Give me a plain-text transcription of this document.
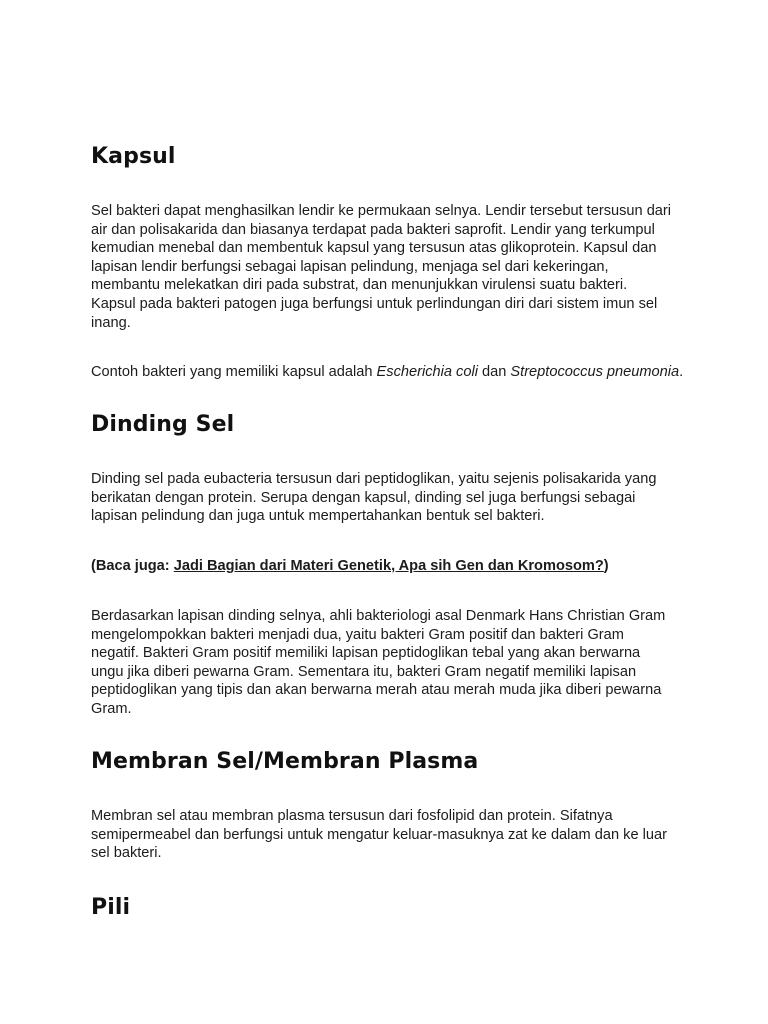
Kapsul

Sel bakteri dapat menghasilkan lendir ke permukaan selnya. Lendir tersebut tersusun dari
air dan polisakarida dan biasanya terdapat pada bakteri saprofit. Lendir yang terkumpul
kemudian menebal dan membentuk kapsul yang tersusun atas glikoprotein. Kapsul dan
lapisan lendir berfungsi sebagai lapisan pelindung, menjaga sel dari kekeringan,
membantu melekatkan diri pada substrat, dan menunjukkan virulensi suatu bakteri.
Kapsul pada bakteri patogen juga berfungsi untuk perlindungan diri dari sistem imun sel
inang.

Contoh bakteri yang memiliki kapsul adalah Escherichia coli dan Streptococcus pneumonia.

Dinding Sel

Dinding sel pada eubacteria tersusun dari peptidoglikan, yaitu sejenis polisakarida yang
berikatan dengan protein. Serupa dengan kapsul, dinding sel juga berfungsi sebagai
lapisan pelindung dan juga untuk mempertahankan bentuk sel bakteri.

(Baca juga: Jadi Bagian dari Materi Genetik, Apa sih Gen dan Kromosom?)

Berdasarkan lapisan dinding selnya, ahli bakteriologi asal Denmark Hans Christian Gram
mengelompokkan bakteri menjadi dua, yaitu bakteri Gram positif dan bakteri Gram
negatif. Bakteri Gram positif memiliki lapisan peptidoglikan tebal yang akan berwarna
ungu jika diberi pewarna Gram. Sementara itu, bakteri Gram negatif memiliki lapisan
peptidoglikan yang tipis dan akan berwarna merah atau merah muda jika diberi pewarna
Gram.

Membran Sel/Membran Plasma

Membran sel atau membran plasma tersusun dari fosfolipid dan protein. Sifatnya
semipermeabel dan berfungsi untuk mengatur keluar-masuknya zat ke dalam dan ke luar
sel bakteri.

Pili
